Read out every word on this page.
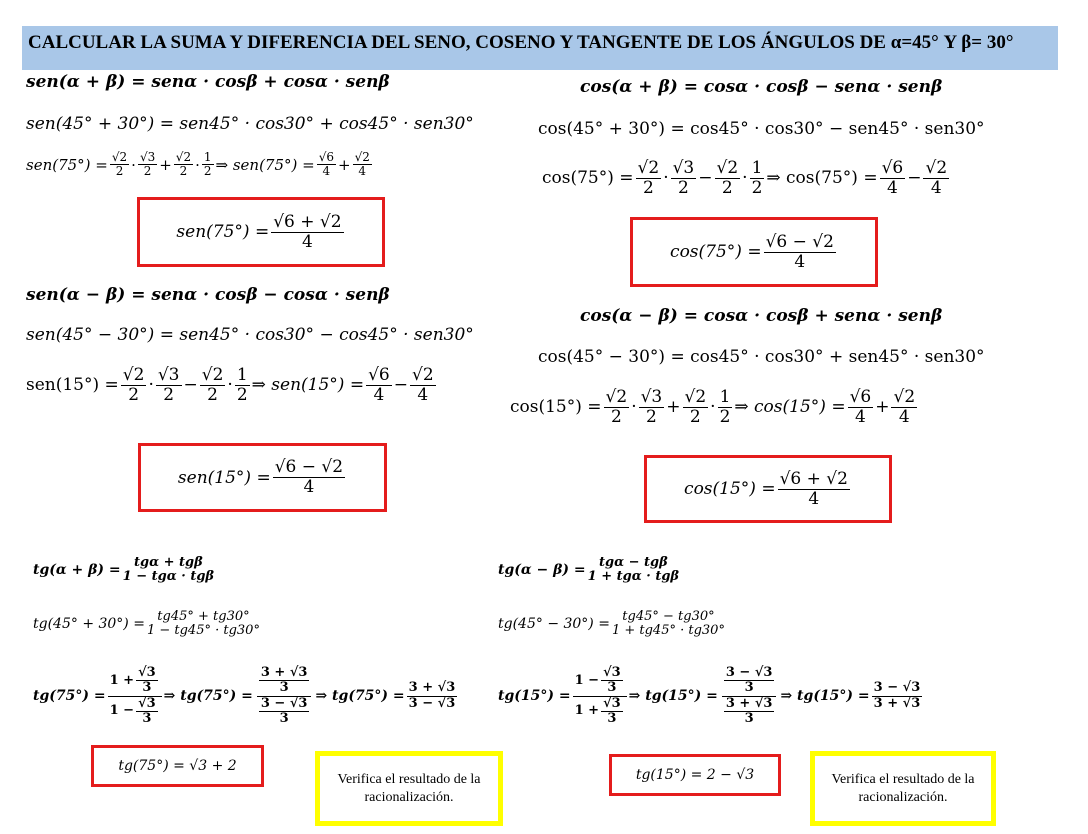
CALCULAR LA SUMA Y DIFERENCIA DEL SENO, COSENO Y TANGENTE DE LOS ÁNGULOS DE α=45° Y β= 30°
sen(α + β) = senα · cosβ + cosα · senβ
sen(45° + 30°) = sen45° · cos30° + cos45° · sen30°
$sen(75^\circ) = \frac{√2}{2} \cdot \frac{√3}{2} + \frac{√2}{2} \cdot \frac{1}{2}$ ⇒ $sen(75^\circ) = \frac{√6}{4} + \frac{√2}{4}$
$sen(75^\circ) = \frac{√6 + √2}{4}$
cos(α + β) = cosα · cosβ − senα · senβ
cos(45° + 30°) = cos45° · cos30° − sen45° · sen30°
$\cos(75^\circ) = \frac{√2}{2} \cdot \frac{√3}{2} - \frac{√2}{2} \cdot \frac{1}{2}$ ⇒ $\cos(75^\circ) = \frac{√6}{4} - \frac{√2}{4}$
$\cos(75^\circ) = \frac{√6 - √2}{4}$
sen(α − β) = senα · cosβ − cosα · senβ
sen(45° − 30°) = sen45° · cos30° − cos45° · sen30°
$sen(15^\circ) = \frac{√2}{2} \cdot \frac{√3}{2} - \frac{√2}{2} \cdot \frac{1}{2}$ ⇒ $sen(15^\circ) = \frac{√6}{4} - \frac{√2}{4}$
$sen(15^\circ) = \frac{√6 - √2}{4}$
cos(α − β) = cosα · cosβ + senα · senβ
cos(45° − 30°) = cos45° · cos30° + sen45° · sen30°
$\cos(15^\circ) = \frac{√2}{2} \cdot \frac{√3}{2} + \frac{√2}{2} \cdot \frac{1}{2}$ ⇒ $\cos(15^\circ) = \frac{√6}{4} + \frac{√2}{4}$
$\cos(15^\circ) = \frac{√6 + √2}{4}$
tg(α + β) = tgα + tgβ
1 − tgα · tgβ
tg(45° + 30°) = tg45° + tg30°
1 − tg45° · tg30°
$tg(75^\circ) = \frac{1 + \frac{√3}{3}}{1 - \frac{√3}{3}}$ ⇒ $tg(75^\circ) = \frac{\frac{3 + √3}{3}}{\frac{3 - √3}{3}}$ ⇒ $tg(75^\circ) = \frac{3 + √3}{3 - √3}$
tg(75°) = √3 + 2
Verifica el resultado de la racionalización.
tg(α − β) = tgα − tgβ
1 + tgα · tgβ
tg(45° − 30°) = tg45° − tg30°
1 + tg45° · tg30°
$tg(15^\circ) = \frac{1 - \frac{√3}{3}}{1 + \frac{√3}{3}}$ ⇒ $tg(15^\circ) = \frac{\frac{3 - √3}{3}}{\frac{3 + √3}{3}}$ ⇒ $tg(15^\circ) = \frac{3 - √3}{3 + √3}$
tg(15°) = 2 − √3	Verifica el resultado de la racionalización.
